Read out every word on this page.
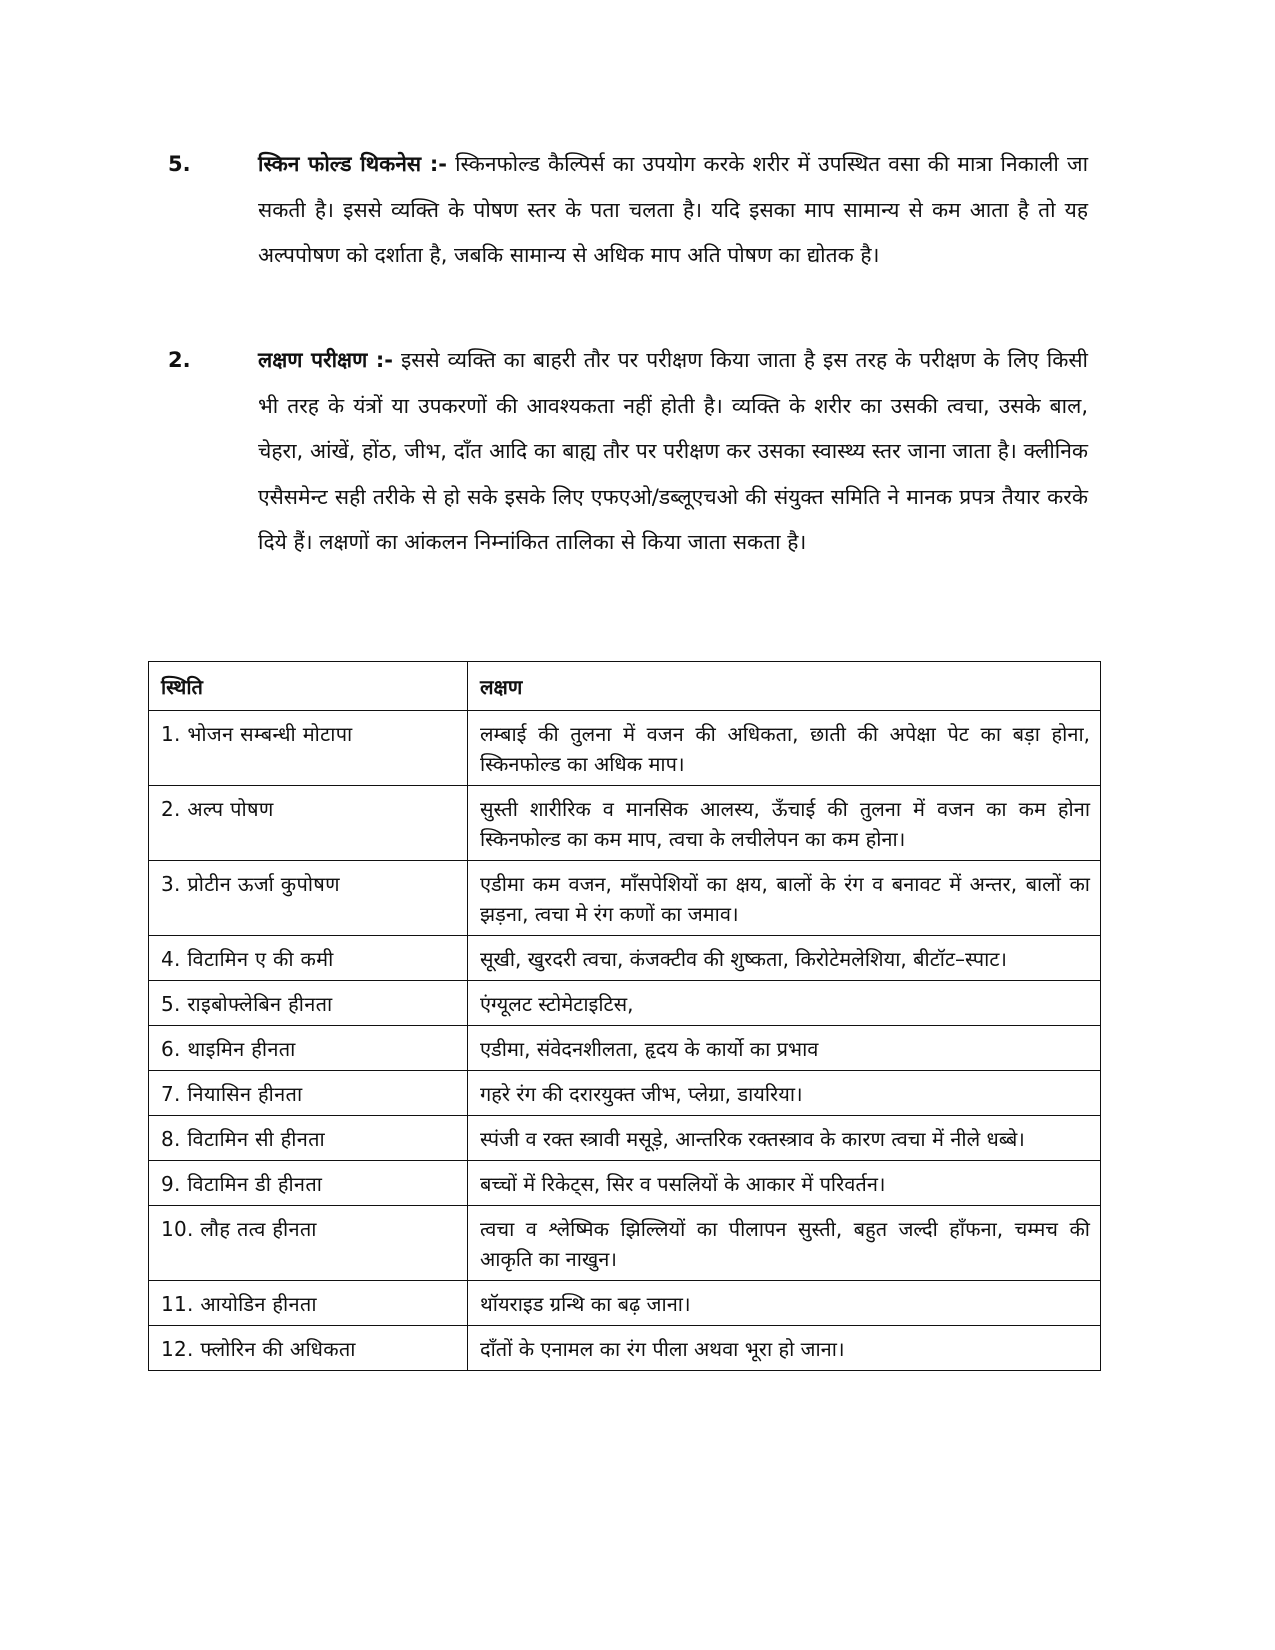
5.	स्किन फोल्ड थिकनेस :- स्किनफोल्ड कैल्पिर्स का उपयोग करके शरीर में उपस्थित वसा की मात्रा निकाली जा सकती है। इससे व्यक्ति के पोषण स्तर के पता चलता है। यदि इसका माप सामान्य से कम आता है तो यह अल्पपोषण को दर्शाता है, जबकि सामान्य से अधिक माप अति पोषण का द्योतक है।
2.	लक्षण परीक्षण :- इससे व्यक्ति का बाहरी तौर पर परीक्षण किया जाता है इस तरह के परीक्षण के लिए किसी भी तरह के यंत्रों या उपकरणों की आवश्यकता नहीं होती है। व्यक्ति के शरीर का उसकी त्वचा, उसके बाल, चेहरा, आंखें, होंठ, जीभ, दाँत आदि का बाह्य तौर पर परीक्षण कर उसका स्वास्थ्य स्तर जाना जाता है। क्लीनिक एसैसमेन्ट सही तरीके से हो सके इसके लिए एफएओ/डब्लूएचओ की संयुक्त समिति ने मानक प्रपत्र तैयार करके दिये हैं। लक्षणों का आंकलन निम्नांकित तालिका से किया जाता सकता है।
स्थिति	लक्षण
1. भोजन सम्बन्धी मोटापा	लम्बाई की तुलना में वजन की अधिकता, छाती की अपेक्षा पेट का बड़ा होना, स्किनफोल्ड का अधिक माप।
2. अल्प पोषण	सुस्ती शारीरिक व मानसिक आलस्य, ऊँचाई की तुलना में वजन का कम होना स्किनफोल्ड का कम माप, त्वचा के लचीलेपन का कम होना।
3. प्रोटीन ऊर्जा कुपोषण	एडीमा कम वजन, माँसपेशियों का क्षय, बालों के रंग व बनावट में अन्तर, बालों का झड़ना, त्वचा मे रंग कणों का जमाव।
4. विटामिन ए की कमी	सूखी, खुरदरी त्वचा, कंजक्टीव की शुष्कता, किरोटेमलेशिया, बीटॉट–स्पाट।
5. राइबोफ्लेबिन हीनता	एंग्यूलट स्टोमेटाइटिस,
6. थाइमिन हीनता	एडीमा, संवेदनशीलता, हृदय के कार्यो का प्रभाव
7. नियासिन हीनता	गहरे रंग की दरारयुक्त जीभ, प्लेग्रा, डायरिया।
8. विटामिन सी हीनता	स्पंजी व रक्त स्त्रावी मसूड़े, आन्तरिक रक्तस्त्राव के कारण त्वचा में नीले धब्बे।
9. विटामिन डी हीनता	बच्चों में रिकेट्स, सिर व पसलियों के आकार में परिवर्तन।
10. लौह तत्व हीनता	त्वचा व श्लेष्मिक झिल्लियों का पीलापन सुस्ती, बहुत जल्दी हाँफना, चम्मच की आकृति का नाखुन।
11. आयोडिन हीनता	थॉयराइड ग्रन्थि का बढ़ जाना।
12. फ्लोरिन की अधिकता	दाँतों के एनामल का रंग पीला अथवा भूरा हो जाना।
